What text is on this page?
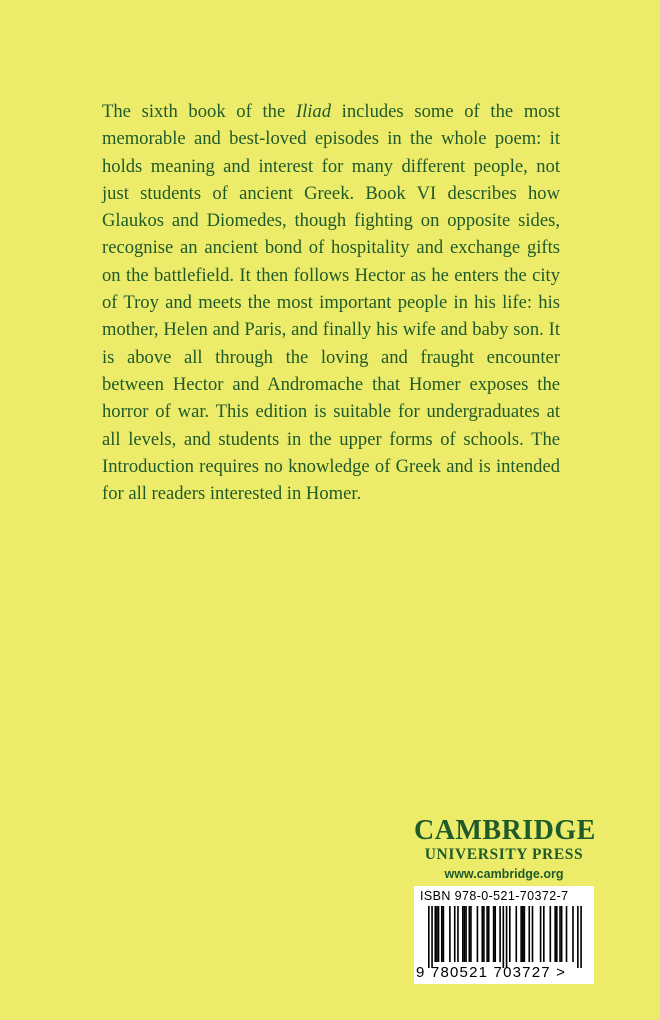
The sixth book of the Iliad includes some of the most memorable and best-loved episodes in the whole poem: it holds meaning and interest for many different people, not just students of ancient Greek. Book VI describes how Glaukos and Diomedes, though fighting on opposite sides, recognise an ancient bond of hospitality and exchange gifts on the battlefield. It then follows Hector as he enters the city of Troy and meets the most important people in his life: his mother, Helen and Paris, and finally his wife and baby son. It is above all through the loving and fraught encounter between Hector and Andromache that Homer exposes the horror of war. This edition is suitable for undergraduates at all levels, and students in the upper forms of schools. The Introduction requires no knowledge of Greek and is intended for all readers interested in Homer.

CAMBRIDGE
UNIVERSITY PRESS
www.cambridge.org
ISBN 978-0-521-70372-7
9 780521 703727 >
